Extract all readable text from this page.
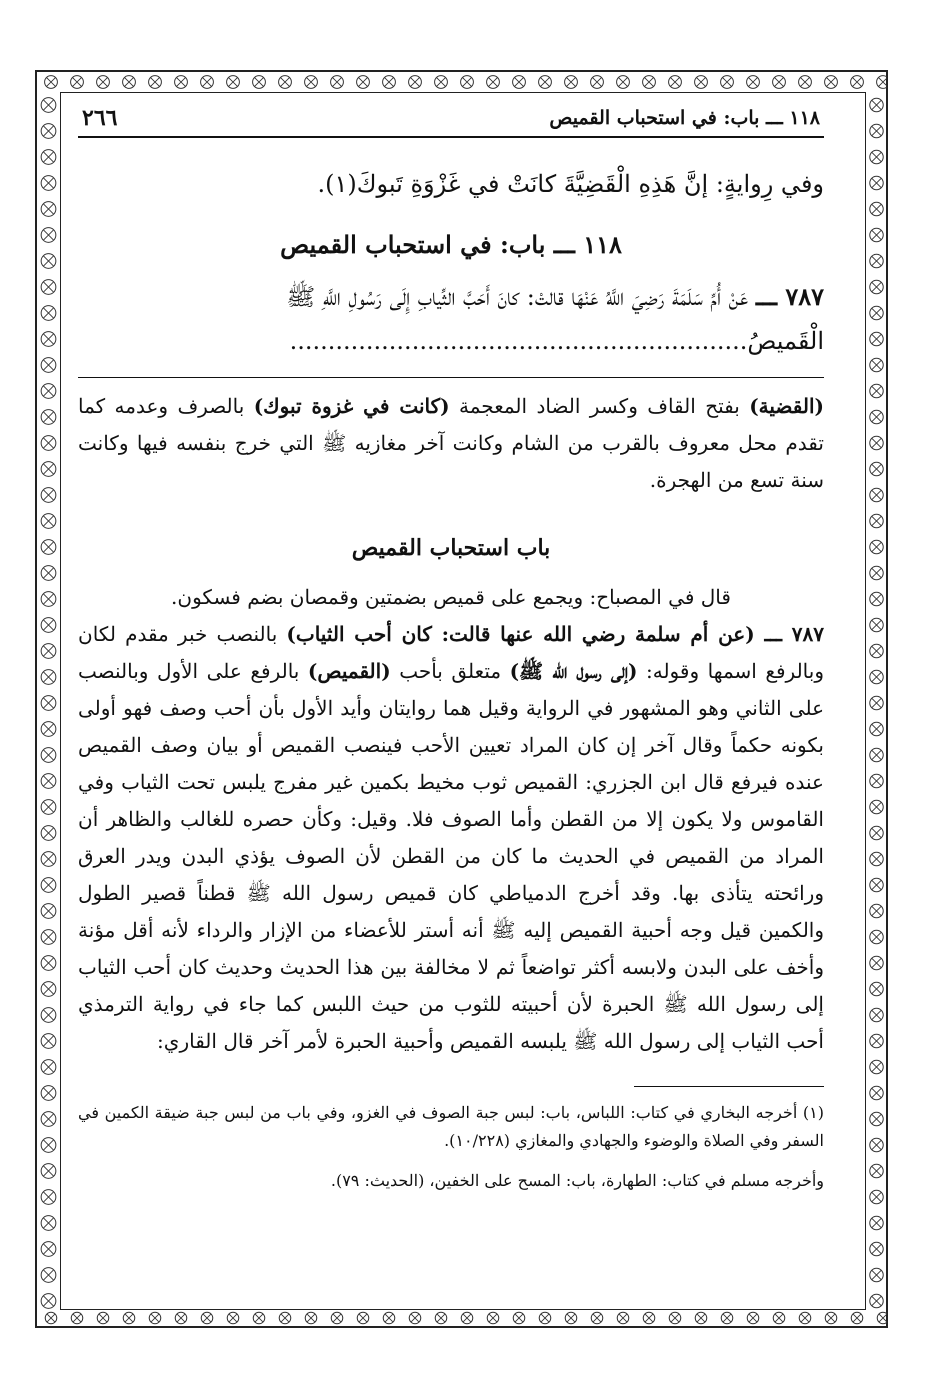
١١٨ ـــ باب: في استحباب القميص
٢٦٦
وفي رِوايةٍ: إنَّ هَذِهِ الْقَضِيَّةَ كانَتْ في غَزْوَةِ تَبوكَ(١).
١١٨ ـــ باب: في استحباب القميص
٧٨٧ ـــ عَنْ أُمِّ سَلَمَةَ رَضِيَ اللَّهُ عَنْهَا قالتْ: كانَ أَحَبَّ الثِّيابِ إِلَى رَسُولِ اللَّهِ ﷺ
الْقَميصُ............................................................
(القضية) بفتح القاف وكسر الضاد المعجمة (كانت في غزوة تبوك) بالصرف وعدمه كما تقدم محل معروف بالقرب من الشام وكانت آخر مغازيه ﷺ التي خرج بنفسه فيها وكانت سنة تسع من الهجرة.
باب استحباب القميص
قال في المصباح: ويجمع على قميص بضمتين وقمصان بضم فسكون.
٧٨٧ ـــ (عن أم سلمة رضي الله عنها قالت: كان أحب الثياب) بالنصب خبر مقدم لكان وبالرفع اسمها وقوله: (إلى رسول الله ﷺ) متعلق بأحب (القميص) بالرفع على الأول وبالنصب على الثاني وهو المشهور في الرواية وقيل هما روايتان وأيد الأول بأن أحب وصف فهو أولى بكونه حكماً وقال آخر إن كان المراد تعيين الأحب فينصب القميص أو بيان وصف القميص عنده فيرفع قال ابن الجزري: القميص ثوب مخيط بكمين غير مفرج يلبس تحت الثياب وفي القاموس ولا يكون إلا من القطن وأما الصوف فلا. وقيل: وكأن حصره للغالب والظاهر أن المراد من القميص في الحديث ما كان من القطن لأن الصوف يؤذي البدن ويدر العرق ورائحته يتأذى بها. وقد أخرج الدمياطي كان قميص رسول الله ﷺ قطناً قصير الطول والكمين قيل وجه أحبية القميص إليه ﷺ أنه أستر للأعضاء من الإزار والرداء لأنه أقل مؤنة وأخف على البدن ولابسه أكثر تواضعاً ثم لا مخالفة بين هذا الحديث وحديث كان أحب الثياب إلى رسول الله ﷺ الحبرة لأن أحبيته للثوب من حيث اللبس كما جاء في رواية الترمذي أحب الثياب إلى رسول الله ﷺ يلبسه القميص وأحبية الحبرة لأمر آخر قال القاري:
(١) أخرجه البخاري في كتاب: اللباس، باب: لبس جبة الصوف في الغزو، وفي باب من لبس جبة ضيقة الكمين في السفر وفي الصلاة والوضوء والجهادي والمغازي (١٠/٢٢٨).
وأخرجه مسلم في كتاب: الطهارة، باب: المسح على الخفين، (الحديث: ٧٩).
